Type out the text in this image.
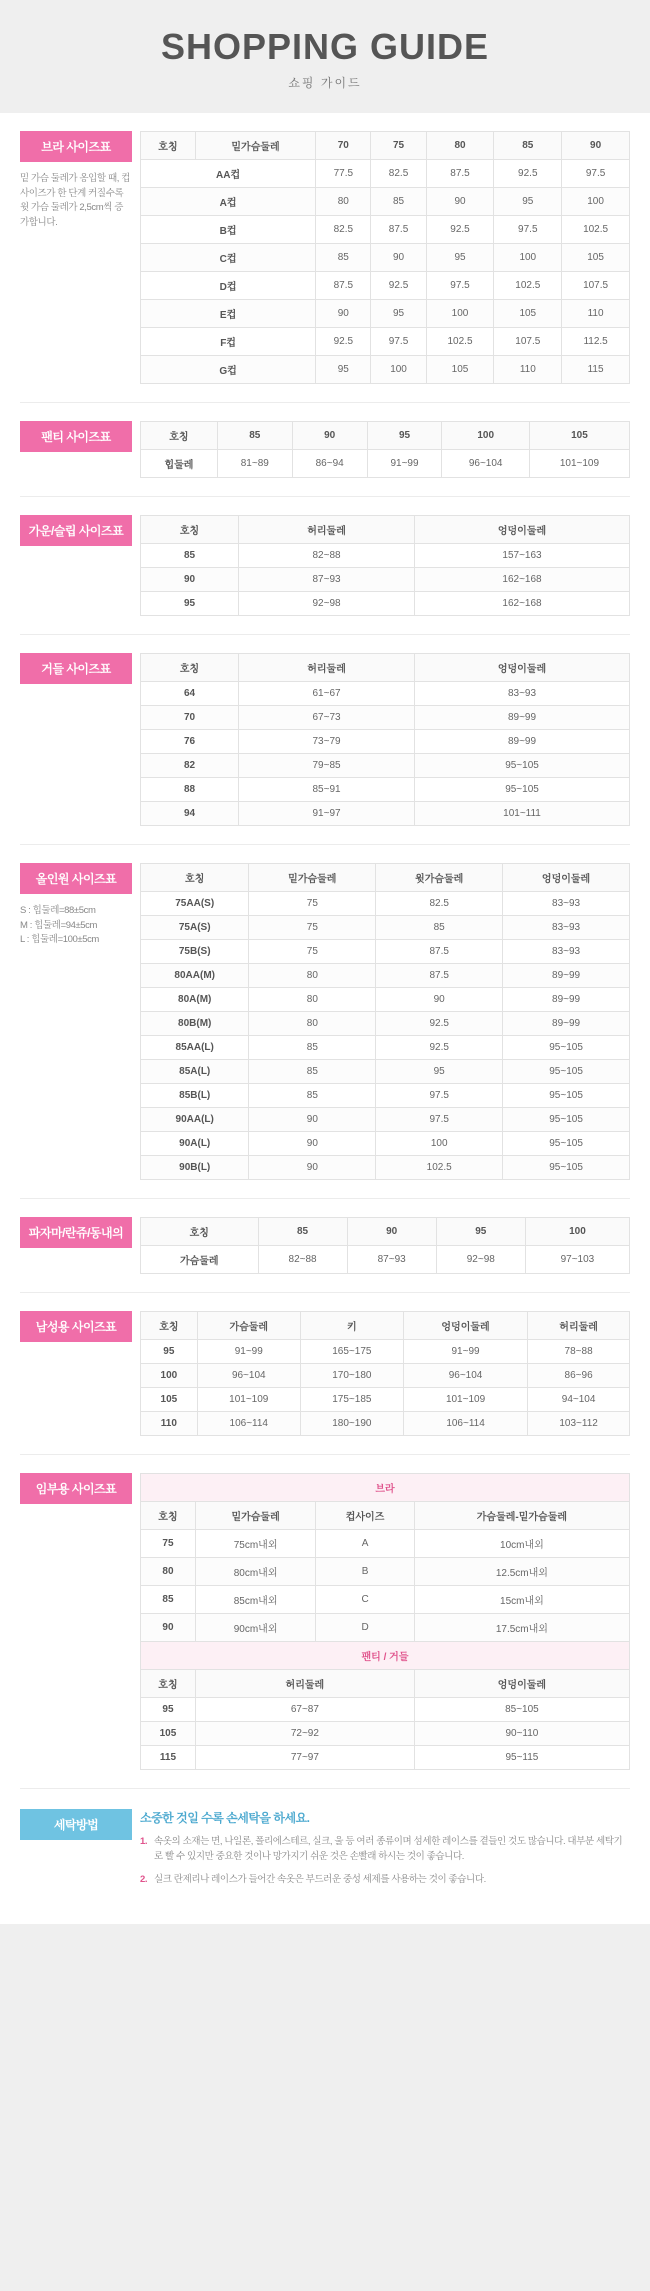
SHOPPING GUIDE
쇼핑 가이드
브라 사이즈표
밑 가슴 둘레가 옹입할 때, 컵 사이즈가 한 단계 커질수록 윗 가슴 둘레가 2,5cm씩 증가합니다.
호칭	밑가슴둘레	70	75	80	85	90
AA컵		77.5	82.5	87.5	92.5	97.5
A컵		80	85	90	95	100
B컵		82.5	87.5	92.5	97.5	102.5
C컵		85	90	95	100	105
D컵		87.5	92.5	97.5	102.5	107.5
E컵		90	95	100	105	110
F컵		92.5	97.5	102.5	107.5	112.5
G컵		95	100	105	110	115
팬티 사이즈표	호칭	85	90	95	100	105
힙둘레	81~89	86~94	91~99	96~104	101~109
가운/슬립 사이즈표	호칭	허리둘레	엉덩이둘레
85	82~88	157~163
90	87~93	162~168
95	92~98	162~168
거들 사이즈표	호칭	허리둘레	엉덩이둘레
64	61~67	83~93
70	67~73	89~99
76	73~79	89~99
82	79~85	95~105
88	85~91	95~105
94	91~97	101~111
올인원 사이즈표
S : 힙둘레=88±5cm
M : 힙둘레=94±5cm
L : 힙둘레=100±5cm
호칭	밑가슴둘레	윗가슴둘레	엉덩이둘레
75AA(S)	75	82.5	83~93
75A(S)	75	85	83~93
75B(S)	75	87.5	83~93
80AA(M)	80	87.5	89~99
80A(M)	80	90	89~99
80B(M)	80	92.5	89~99
85AA(L)	85	92.5	95~105
85A(L)	85	95	95~105
85B(L)	85	97.5	95~105
90AA(L)	90	97.5	95~105
90A(L)	90	100	95~105
90B(L)	90	102.5	95~105
파자마/란쥬/동내의	호칭	85	90	95	100
가슴둘레	82~88	87~93	92~98	97~103
남성용 사이즈표	호칭	가슴둘레	키	엉덩이둘레	허리둘레
95	91~99	165~175	91~99	78~88
100	96~104	170~180	96~104	86~96
105	101~109	175~185	101~109	94~104
110	106~114	180~190	106~114	103~112
임부용 사이즈표	브라			
호칭	밑가슴둘레	컵사이즈	가슴둘레-밑가슴둘레
75	75cm내외	A	10cm내외
80	80cm내외	B	12.5cm내외
85	85cm내외	C	15cm내외
90	90cm내외	D	17.5cm내외
팬티 / 거들			
호칭	허리둘레		엉덩이둘레
95	67~87		85~105
105	72~92		90~110
115	77~97		95~115
세탁방법	소중한 것일 수록 손세탁을 하세요.
1. 속옷의 소재는 면, 나일론, 폴리에스테르, 실크, 울 등 여러 종류이며 섬세한 레이스를 곁들인 것도 많습니다. 대부분 세탁기로 빨 수 있지만 중요한 것이나 망가지기 쉬운 것은 손빨래 하시는 것이 좋습니다.
2. 실크 란제리나 레이스가 들어간 속옷은 부드러운 중성 세제를 사용하는 것이 좋습니다.
